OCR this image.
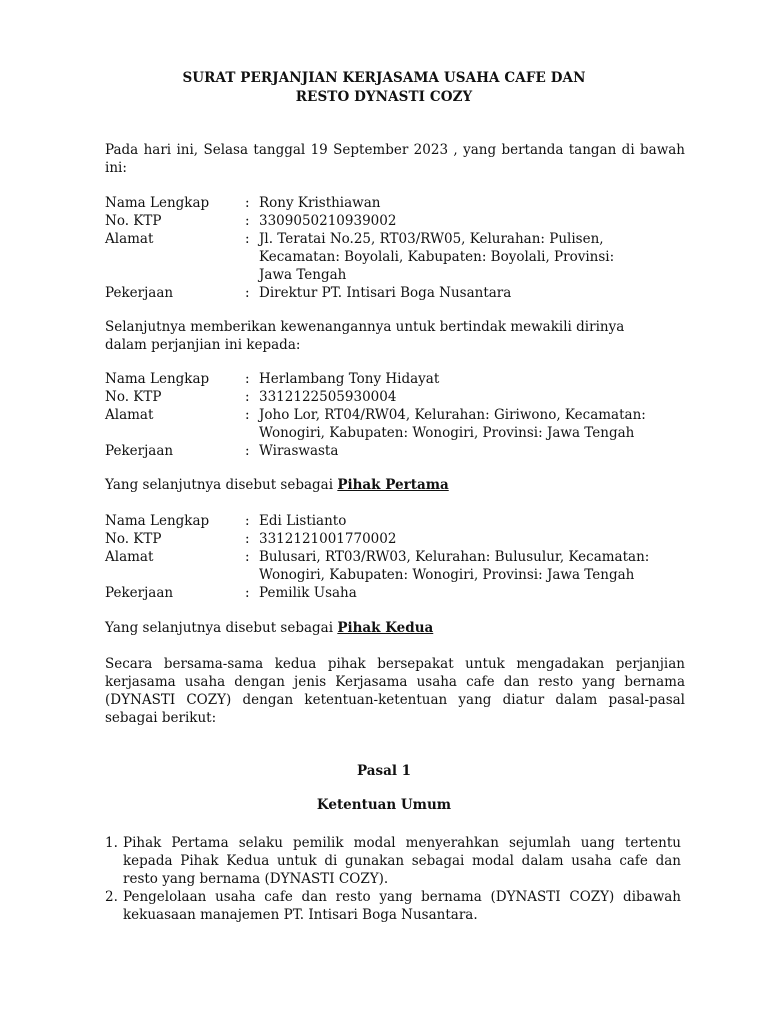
SURAT PERJANJIAN KERJASAMA USAHA CAFE DAN
RESTO DYNASTI COZY

Pada hari ini, Selasa tanggal 19 September 2023 , yang bertanda tangan di bawah ini:

Nama Lengkap	: Rony Kristhiawan
No. KTP	: 3309050210939002
Alamat	: Jl. Teratai No.25, RT03/RW05, Kelurahan: Pulisen,
Kecamatan: Boyolali, Kabupaten: Boyolali, Provinsi:
Jawa Tengah
Pekerjaan	: Direktur PT. Intisari Boga Nusantara

Selanjutnya memberikan kewenangannya untuk bertindak mewakili dirinya dalam perjanjian ini kepada:

Nama Lengkap	: Herlambang Tony Hidayat
No. KTP	: 3312122505930004
Alamat	: Joho Lor, RT04/RW04, Kelurahan: Giriwono, Kecamatan:
Wonogiri, Kabupaten: Wonogiri, Provinsi: Jawa Tengah
Pekerjaan	: Wiraswasta
Yang selanjutnya disebut sebagai Pihak Pertama
Nama Lengkap	: Edi Listianto
No. KTP	: 3312121001770002
Alamat	: Bulusari, RT03/RW03, Kelurahan: Bulusulur, Kecamatan:
Wonogiri, Kabupaten: Wonogiri, Provinsi: Jawa Tengah
Pekerjaan	: Pemilik Usaha
Yang selanjutnya disebut sebagai Pihak Kedua

Secara bersama-sama kedua pihak bersepakat untuk mengadakan perjanjian kerjasama usaha dengan jenis Kerjasama usaha cafe dan resto yang bernama (DYNASTI COZY) dengan ketentuan-ketentuan yang diatur dalam pasal-pasal sebagai berikut:

Pasal 1
Ketentuan Umum
1. Pihak Pertama selaku pemilik modal menyerahkan sejumlah uang tertentu kepada Pihak Kedua untuk di gunakan sebagai modal dalam usaha cafe dan resto yang bernama (DYNASTI COZY).
2. Pengelolaan usaha cafe dan resto yang bernama (DYNASTI COZY) dibawah kekuasaan manajemen PT. Intisari Boga Nusantara.
